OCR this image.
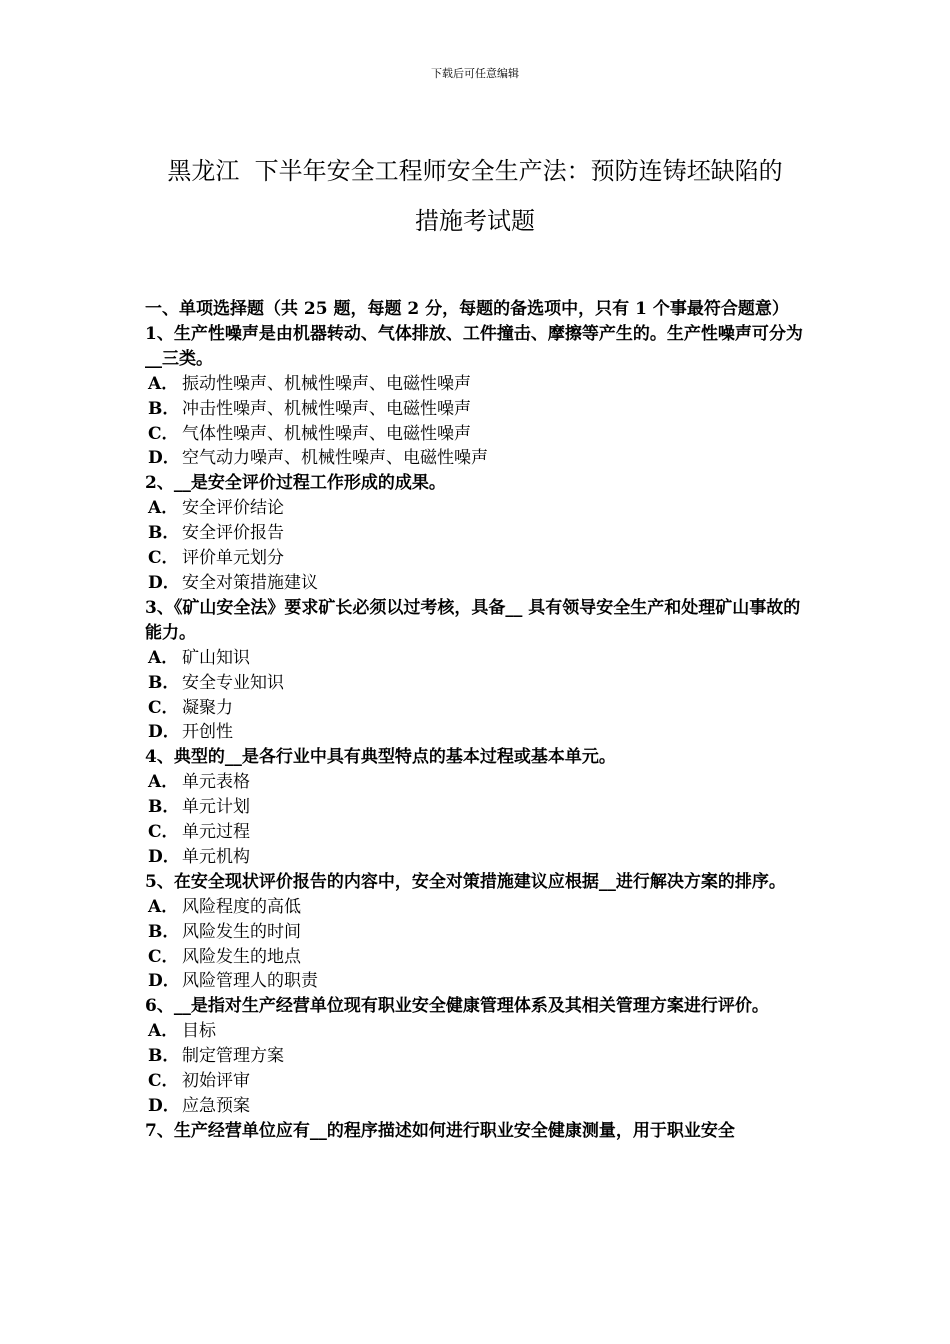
下载后可任意编辑
黑龙江  下半年安全工程师安全生产法：预防连铸坯缺陷的
措施考试题
一、单项选择题（共 25 题，每题 2 分，每题的备选项中，只有 1 个事最符合题意）
1、生产性噪声是由机器转动、气体排放、工件撞击、摩擦等产生的。生产性噪声可分为__三类。
A． 振动性噪声、机械性噪声、电磁性噪声
B． 冲击性噪声、机械性噪声、电磁性噪声
C． 气体性噪声、机械性噪声、电磁性噪声
D． 空气动力噪声、机械性噪声、电磁性噪声
2、__是安全评价过程工作形成的成果。
A． 安全评价结论
B． 安全评价报告
C． 评价单元划分
D． 安全对策措施建议
3、《矿山安全法》要求矿长必须以过考核，具备__ 具有领导安全生产和处理矿山事故的能力。
A． 矿山知识
B． 安全专业知识
C． 凝聚力
D． 开创性
4、典型的__是各行业中具有典型特点的基本过程或基本单元。
A． 单元表格
B． 单元计划
C． 单元过程
D． 单元机构
5、在安全现状评价报告的内容中，安全对策措施建议应根据__进行解决方案的排序。
A． 风险程度的高低
B． 风险发生的时间
C． 风险发生的地点
D． 风险管理人的职责
6、__是指对生产经营单位现有职业安全健康管理体系及其相关管理方案进行评价。
A． 目标
B． 制定管理方案
C． 初始评审
D． 应急预案
7、生产经营单位应有__的程序描述如何进行职业安全健康测量，用于职业安全
